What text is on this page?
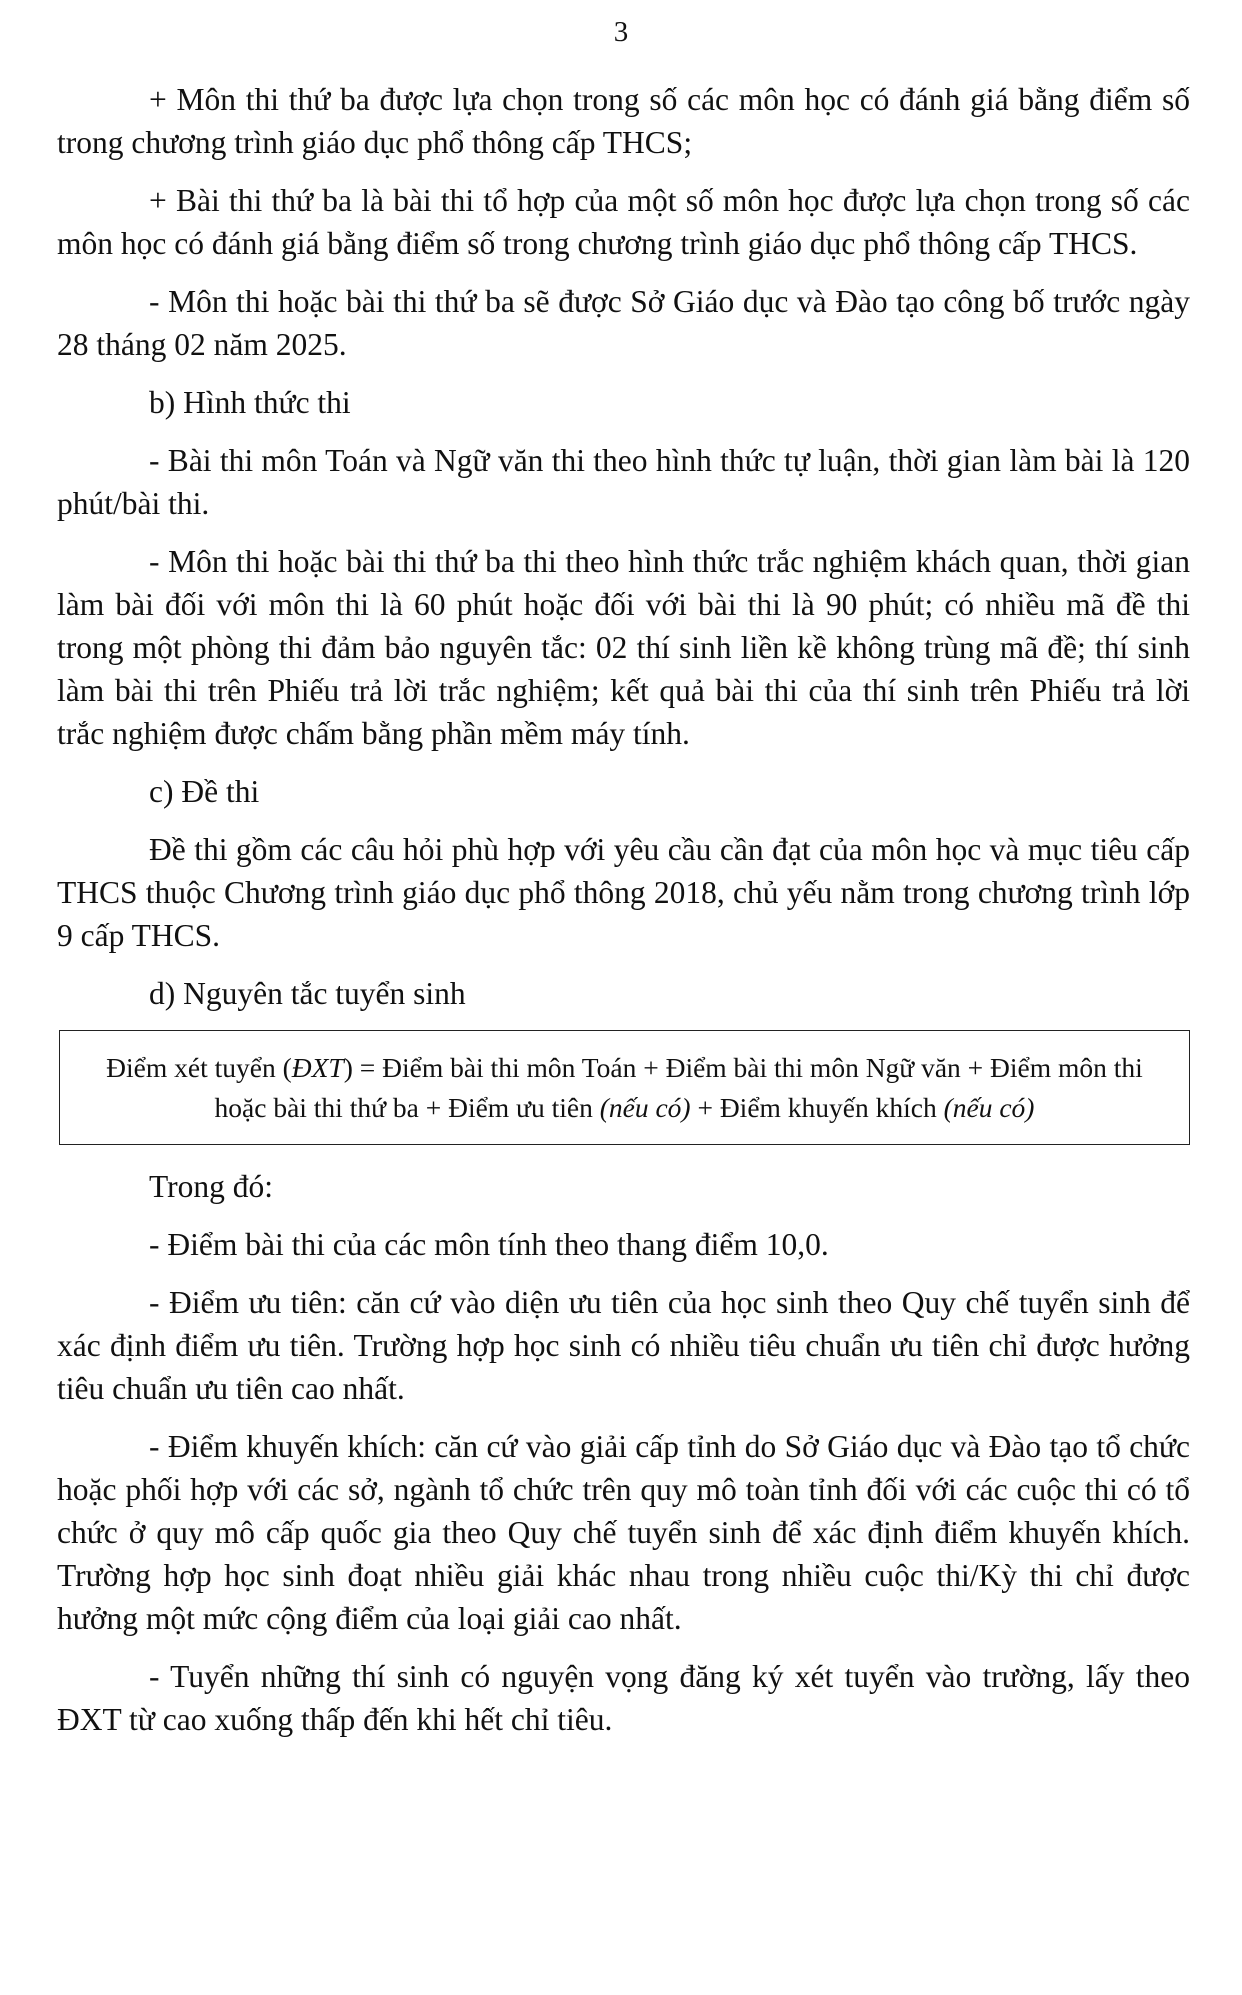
3

+ Môn thi thứ ba được lựa chọn trong số các môn học có đánh giá bằng điểm số trong chương trình giáo dục phổ thông cấp THCS;

+ Bài thi thứ ba là bài thi tổ hợp của một số môn học được lựa chọn trong số các môn học có đánh giá bằng điểm số trong chương trình giáo dục phổ thông cấp THCS.

- Môn thi hoặc bài thi thứ ba sẽ được Sở Giáo dục và Đào tạo công bố trước ngày 28 tháng 02 năm 2025.

b) Hình thức thi

- Bài thi môn Toán và Ngữ văn thi theo hình thức tự luận, thời gian làm bài là 120 phút/bài thi.

- Môn thi hoặc bài thi thứ ba thi theo hình thức trắc nghiệm khách quan, thời gian làm bài đối với môn thi là 60 phút hoặc đối với bài thi là 90 phút; có nhiều mã đề thi trong một phòng thi đảm bảo nguyên tắc: 02 thí sinh liền kề không trùng mã đề; thí sinh làm bài thi trên Phiếu trả lời trắc nghiệm; kết quả bài thi của thí sinh trên Phiếu trả lời trắc nghiệm được chấm bằng phần mềm máy tính.

c) Đề thi

Đề thi gồm các câu hỏi phù hợp với yêu cầu cần đạt của môn học và mục tiêu cấp THCS thuộc Chương trình giáo dục phổ thông 2018, chủ yếu nằm trong chương trình lớp 9 cấp THCS.

d) Nguyên tắc tuyển sinh

Điểm xét tuyển (ĐXT) = Điểm bài thi môn Toán + Điểm bài thi môn Ngữ văn + Điểm môn thi hoặc bài thi thứ ba + Điểm ưu tiên (nếu có) + Điểm khuyến khích (nếu có)

Trong đó:

- Điểm bài thi của các môn tính theo thang điểm 10,0.

- Điểm ưu tiên: căn cứ vào diện ưu tiên của học sinh theo Quy chế tuyển sinh để xác định điểm ưu tiên. Trường hợp học sinh có nhiều tiêu chuẩn ưu tiên chỉ được hưởng tiêu chuẩn ưu tiên cao nhất.

- Điểm khuyến khích: căn cứ vào giải cấp tỉnh do Sở Giáo dục và Đào tạo tổ chức hoặc phối hợp với các sở, ngành tổ chức trên quy mô toàn tỉnh đối với các cuộc thi có tổ chức ở quy mô cấp quốc gia theo Quy chế tuyển sinh để xác định điểm khuyến khích. Trường hợp học sinh đoạt nhiều giải khác nhau trong nhiều cuộc thi/Kỳ thi chỉ được hưởng một mức cộng điểm của loại giải cao nhất.

- Tuyển những thí sinh có nguyện vọng đăng ký xét tuyển vào trường, lấy theo ĐXT từ cao xuống thấp đến khi hết chỉ tiêu.
